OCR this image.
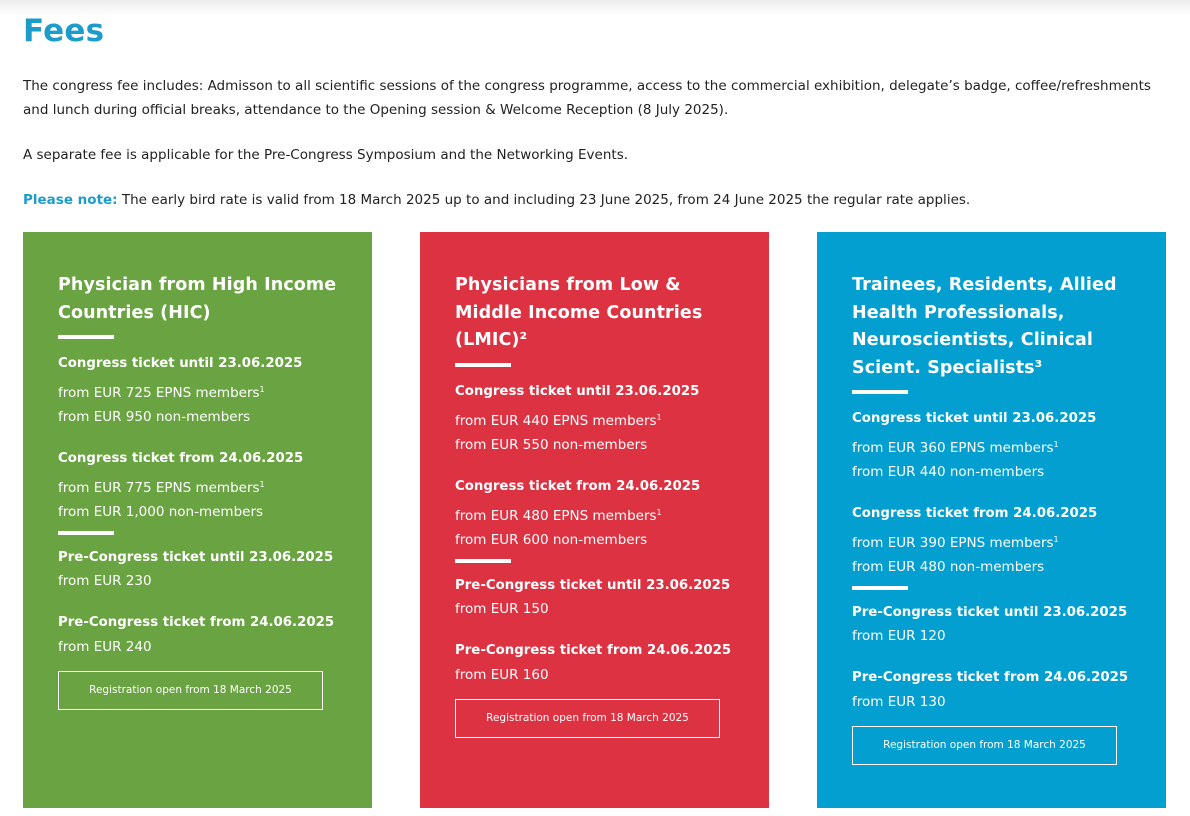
Fees

The congress fee includes: Admisson to all scientific sessions of the congress programme, access to the commercial exhibition, delegate’s badge, coffee/refreshments and lunch during official breaks, attendance to the Opening session & Welcome Reception (8 July 2025).

A separate fee is applicable for the Pre-Congress Symposium and the Networking Events.

Please note: The early bird rate is valid from 18 March 2025 up to and including 23 June 2025, from 24 June 2025 the regular rate applies.

Physician from High Income Countries (HIC)
Congress ticket until 23.06.2025
from EUR 725 EPNS members$^1$
from EUR 950 non-members
Congress ticket from 24.06.2025
from EUR 775 EPNS members$^1$
from EUR 1,000 non-members
Pre-Congress ticket until 23.06.2025
from EUR 230
Pre-Congress ticket from 24.06.2025
from EUR 240
Registration open from 18 March 2025
Physicians from Low & Middle Income Countries (LMIC)²
Congress ticket until 23.06.2025
from EUR 440 EPNS members$^1$
from EUR 550 non-members
Congress ticket from 24.06.2025
from EUR 480 EPNS members$^1$
from EUR 600 non-members
Pre-Congress ticket until 23.06.2025
from EUR 150
Pre-Congress ticket from 24.06.2025
from EUR 160
Registration open from 18 March 2025
Trainees, Residents, Allied Health Professionals, Neuroscientists, Clinical Scient. Specialists³
Congress ticket until 23.06.2025
from EUR 360 EPNS members$^1$
from EUR 440 non-members
Congress ticket from 24.06.2025
from EUR 390 EPNS members$^1$
from EUR 480 non-members
Pre-Congress ticket until 23.06.2025
from EUR 120
Pre-Congress ticket from 24.06.2025
from EUR 130
Registration open from 18 March 2025
